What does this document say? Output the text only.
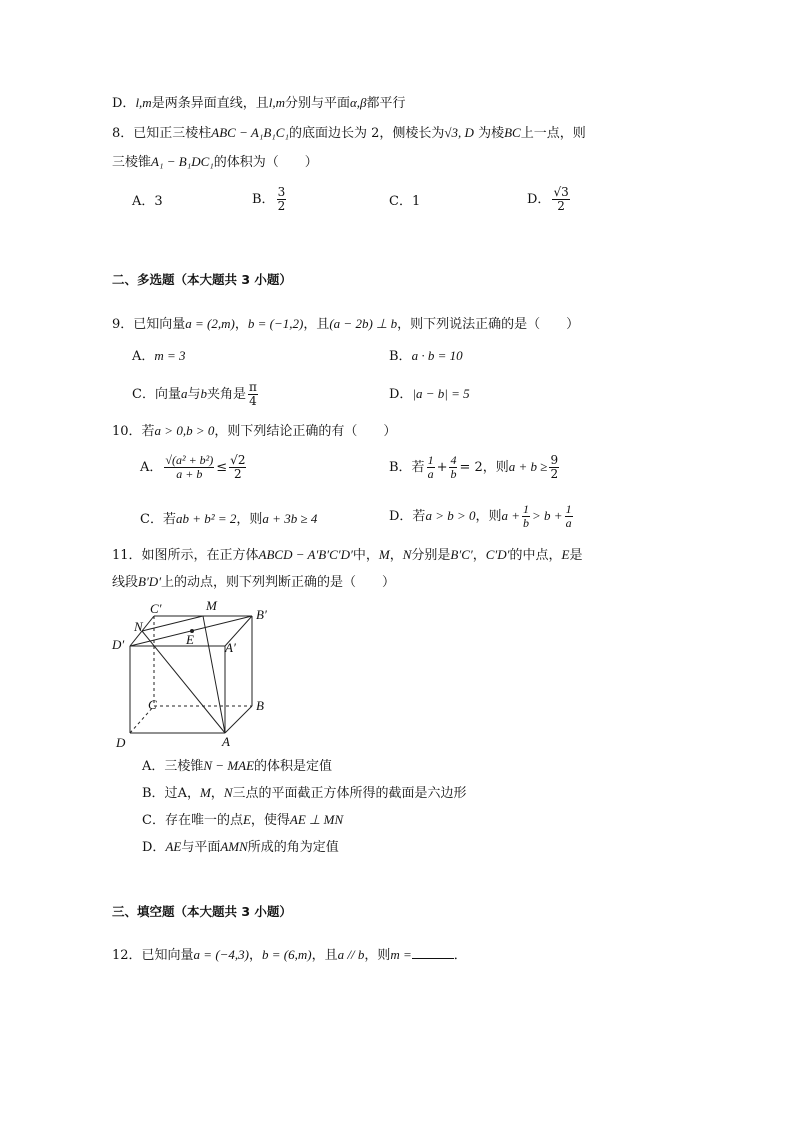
D．l,m是两条异面直线，且l,m分别与平面α,β都平行
8．已知正三棱柱ABC − A₁B₁C₁的底面边长为 2，侧棱长为√3, D 为棱BC上一点，则
三棱锥A₁ − B₁DC₁的体积为（　　）
A．3	B． $\frac{3}{2}$	C．1	D． $\frac{√3}{2}$
二、多选题（本大题共 3 小题）
9．已知向量a = (2,m)，b = (−1,2)，且(a − 2b) ⊥ b，则下列说法正确的是（　　）
A．m = 3	B．a · b = 10
C．向量a与b夹角是 $\frac{\pi}{4}$	D．|a − b| = 5
10．若a > 0,b > 0，则下列结论正确的有（　　）
A． $\frac{\text{√(a² + b²)}}{a + b} \le \frac{√2}{2}$	B．若 $\frac{1}{a} + \frac{4}{b} = 2$，则$a + b \ge \frac{9}{2}$
C．若ab + b² = 2，则a + 3b ≥ 4	D．若a > b > 0，则$a + \frac{1}{b} > b + \frac{1}{a}$
11．如图所示，在正方体ABCD − A′B′C′D′中，M，N分别是B′C′，C′D′的中点，E是
线段B′D′上的动点，则下列判断正确的是（　　）
C′	M
B′
N
E
D′	A′
C	B
D	A
A．三棱锥N − MAE的体积是定值
B．过A，M，N三点的平面截正方体所得的截面是六边形
C．存在唯一的点E，使得AE ⊥ MN
D．AE与平面AMN所成的角为定值
三、填空题（本大题共 3 小题）
12．已知向量a = (−4,3)，b = (6,m)，且a // b，则m =	．
